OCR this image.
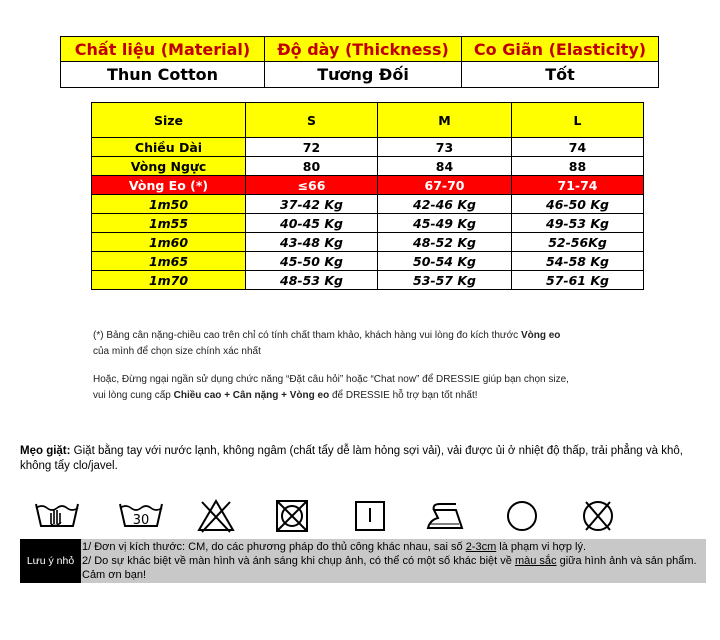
Chất liệu (Material)	Độ dày (Thickness)	Co Giãn (Elasticity)
Thun Cotton	Tương Đối	Tốt
Size	S	M	L
Chiều Dài	72	73	74
Vòng Ngực	80	84	88
Vòng Eo (*)	≤66	67-70	71-74
1m50	37-42 Kg	42-46 Kg	46-50 Kg
1m55	40-45 Kg	45-49 Kg	49-53 Kg
1m60	43-48 Kg	48-52 Kg	52-56Kg
1m65	45-50 Kg	50-54 Kg	54-58 Kg
1m70	48-53 Kg	53-57 Kg	57-61 Kg
(*) Bảng cân nặng-chiều cao trên chỉ có tính chất tham khảo, khách hàng vui lòng đo kích thước Vòng eo
của mình để chọn size chính xác nhất
Hoặc, Đừng ngại ngần sử dụng chức năng “Đặt câu hỏi” hoặc “Chat now” để DRESSIE giúp bạn chọn size,
vui lòng cung cấp Chiều cao + Cân nặng + Vòng eo để DRESSIE hỗ trợ bạn tốt nhất!
Mẹo giặt: Giặt bằng tay với nước lạnh, không ngâm (chất tẩy dễ làm hỏng sợi vải), vải được ủi ở nhiệt độ thấp, trải phẳng và khô, không tẩy clo/javel.
30
Lưu ý nhỏ
1/ Đơn vị kích thước: CM, do các phương pháp đo thủ công khác nhau, sai số 2-3cm là phạm vi hợp lý.
2/ Do sự khác biệt về màn hình và ánh sáng khi chụp ảnh, có thể có một số khác biệt về màu sắc giữa hình ảnh và sản phẩm. Cảm ơn bạn!
